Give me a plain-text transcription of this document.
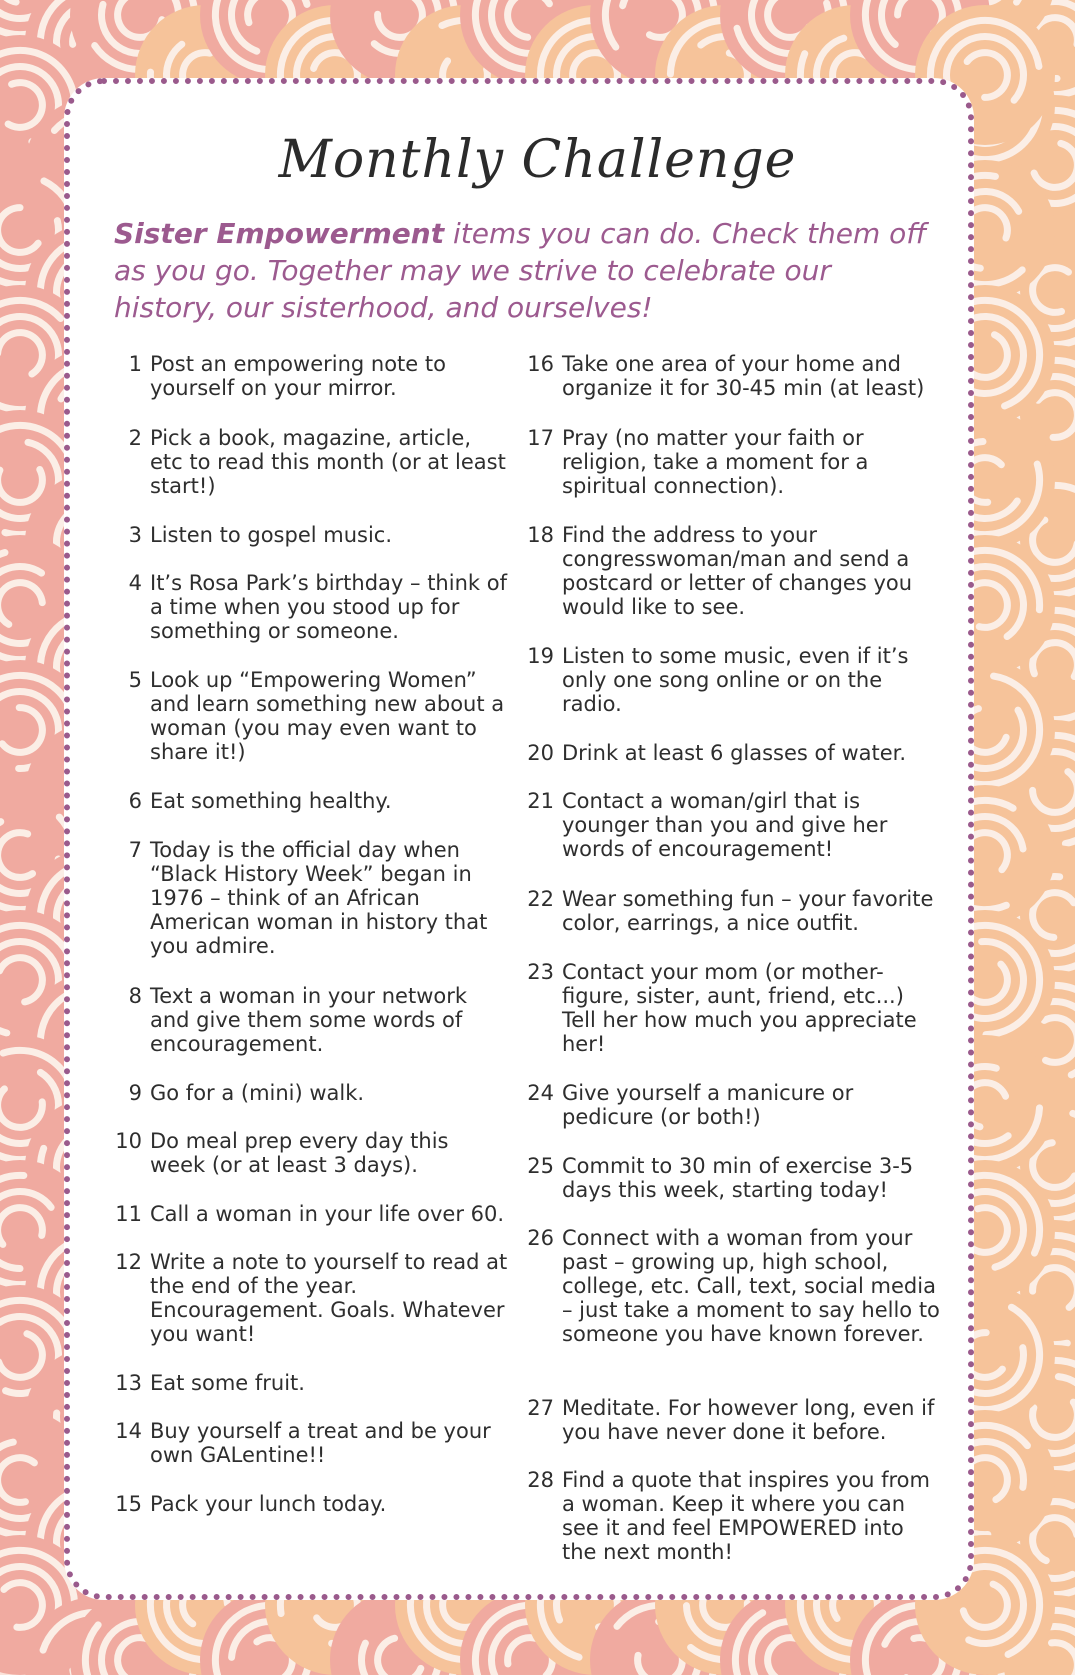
Monthly Challenge

Sister Empowerment items you can do. Check them off as you go. Together may we strive to celebrate our history, our sisterhood, and ourselves!

1 Post an empowering note to yourself on your mirror.
2 Pick a book, magazine, article, etc to read this month (or at least start!)
3 Listen to gospel music.
4 It’s Rosa Park’s birthday – think of a time when you stood up for something or someone.
5 Look up “Empowering Women” and learn something new about a woman (you may even want to share it!)
6 Eat something healthy.
7 Today is the official day when “Black History Week” began in 1976 – think of an African American woman in history that you admire.
8 Text a woman in your network and give them some words of encouragement.
9 Go for a (mini) walk.
10 Do meal prep every day this week (or at least 3 days).
11 Call a woman in your life over 60.
12 Write a note to yourself to read at the end of the year. Encouragement. Goals. Whatever you want!
13 Eat some fruit.
14 Buy yourself a treat and be your own GALentine!!
15 Pack your lunch today.
16 Take one area of your home and organize it for 30-45 min (at least)
17 Pray (no matter your faith or religion, take a moment for a spiritual connection).
18 Find the address to your congresswoman/man and send a postcard or letter of changes you would like to see.
19 Listen to some music, even if it’s only one song online or on the radio.
20 Drink at least 6 glasses of water.
21 Contact a woman/girl that is younger than you and give her words of encouragement!
22 Wear something fun – your favorite color, earrings, a nice outfit.
23 Contact your mom (or mother-figure, sister, aunt, friend, etc...) Tell her how much you appreciate her!
24 Give yourself a manicure or pedicure (or both!)
25 Commit to 30 min of exercise 3-5 days this week, starting today!
26 Connect with a woman from your past – growing up, high school, college, etc. Call, text, social media – just take a moment to say hello to someone you have known forever.
27 Meditate. For however long, even if you have never done it before.
28 Find a quote that inspires you from a woman. Keep it where you can see it and feel EMPOWERED into the next month!
